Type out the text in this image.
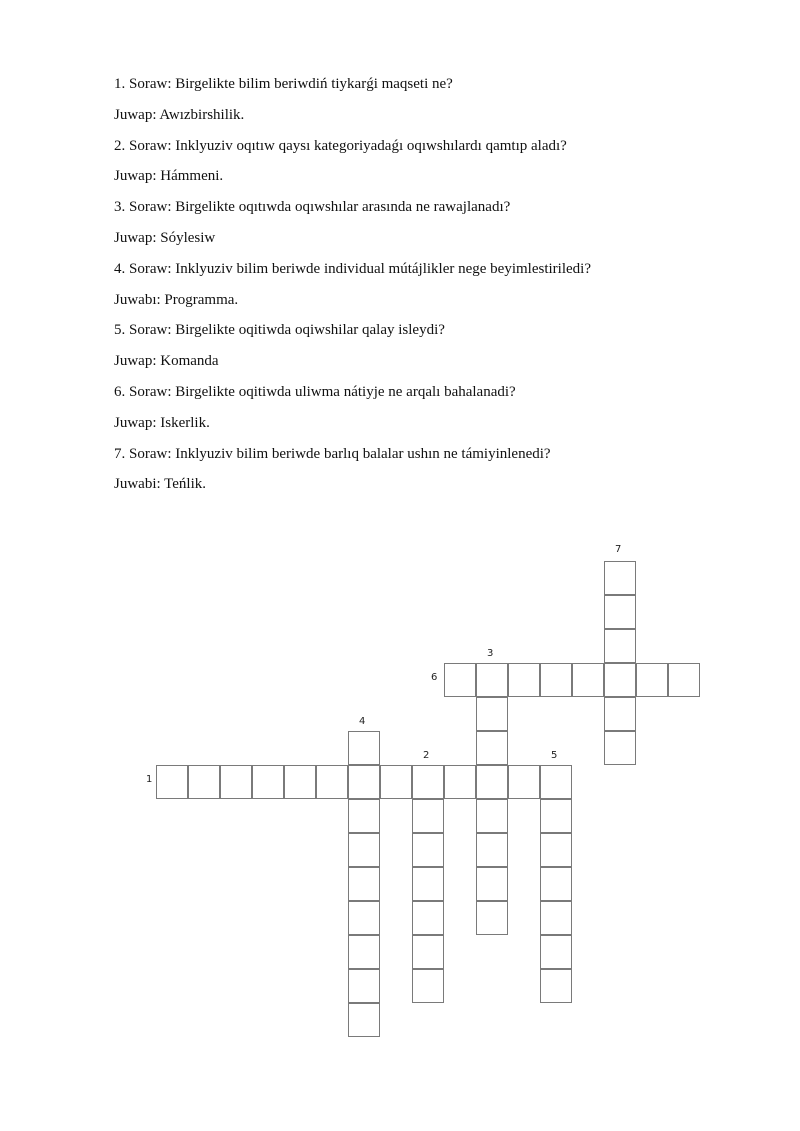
1. Soraw: Birgelikte bilim beriwdiń tiykarǵi maqseti ne?
Juwap: Awızbirshilik.
2. Soraw: Inklyuziv oqıtıw qaysı kategoriyadaǵı oqıwshılardı qamtıp aladı?
Juwap: Hámmeni.
3. Soraw: Birgelikte oqıtıwda oqıwshılar arasında ne rawajlanadı?
Juwap: Sóylesiw
4. Soraw: Inklyuziv bilim beriwde individual mútájlikler nege beyimlestiriledi?
Juwabı: Programma.
5. Soraw: Birgelikte oqitiwda oqiwshilar qalay isleydi?
Juwap: Komanda
6. Soraw: Birgelikte oqitiwda uliwma nátiyje ne arqalı bahalanadi?
Juwap: Iskerlik.
7. Soraw: Inklyuziv bilim beriwde barlıq balalar ushın ne támiyinlenedi?
Juwabi: Teńlik.
7
3
6
4
2	5
1
